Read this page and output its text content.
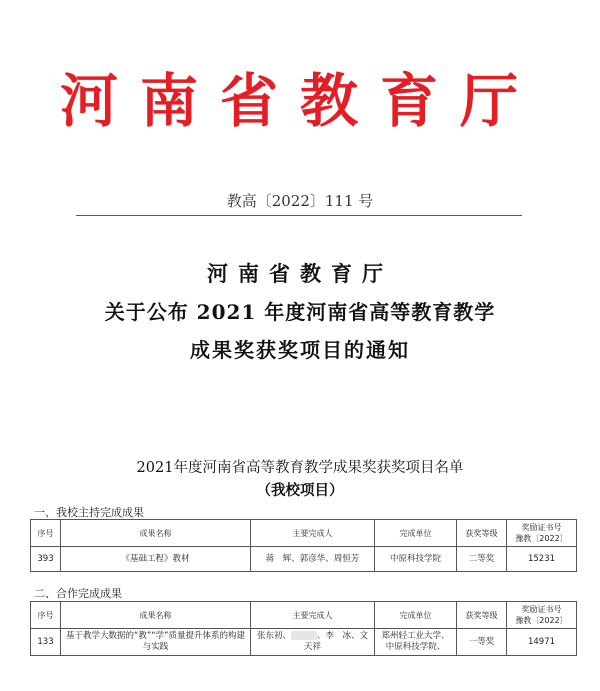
河南省教育厅
教高〔2022〕111 号
河南省教育厅
关于公布 2021 年度河南省高等教育教学
成果奖获奖项目的通知
2021年度河南省高等教育教学成果奖获奖项目名单
（我校项目）
一、我校主持完成成果
序号	成果名称	主要完成人	完成单位	获奖等级	奖励证书号
豫教〔2022〕
393	《基础工程》教材	蒋　辉、郭彦华、周恒芳	中原科技学院	二等奖	15231
二、合作完成成果
序号	成果名称	主要完成人	完成单位	获奖等级	奖励证书号
豫教〔2022〕
133	基于教学大数据的“教”“学”质量提升体系的构建与实践	张东初、 、李　冰、文天祥	郑州轻工业大学、中原科技学院、	一等奖	14971
